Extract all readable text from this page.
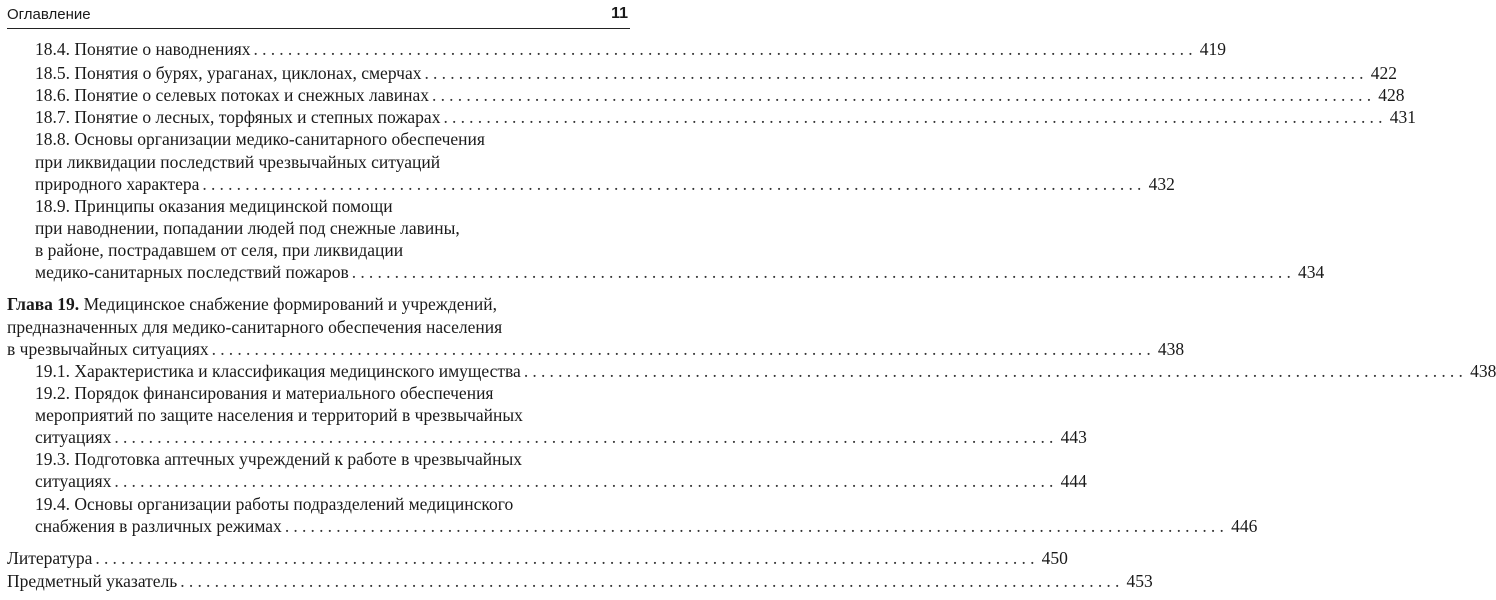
Оглавление	11
18.4. Понятие о наводнениях .............................................................................................................. 419
18.5. Понятия о бурях, ураганах, циклонах, смерчах .............................................................................................................. 422
18.6. Понятие о селевых потоках и снежных лавинах .............................................................................................................. 428
18.7. Понятие о лесных, торфяных и степных пожарах .............................................................................................................. 431
18.8. Основы организации медико-санитарного обеспечения
при ликвидации последствий чрезвычайных ситуаций
природного характера .............................................................................................................. 432
18.9. Принципы оказания медицинской помощи
при наводнении, попадании людей под снежные лавины,
в районе, пострадавшем от селя, при ликвидации
медико-санитарных последствий пожаров .............................................................................................................. 434
Глава 19. Медицинское снабжение формирований и учреждений,
предназначенных для медико-санитарного обеспечения населения
в чрезвычайных ситуациях .............................................................................................................. 438
19.1. Характеристика и классификация медицинского имущества .............................................................................................................. 438
19.2. Порядок финансирования и материального обеспечения
мероприятий по защите населения и территорий в чрезвычайных
ситуациях .............................................................................................................. 443
19.3. Подготовка аптечных учреждений к работе в чрезвычайных
ситуациях .............................................................................................................. 444
19.4. Основы организации работы подразделений медицинского
снабжения в различных режимах .............................................................................................................. 446
Литература .............................................................................................................. 450
Предметный указатель .............................................................................................................. 453
